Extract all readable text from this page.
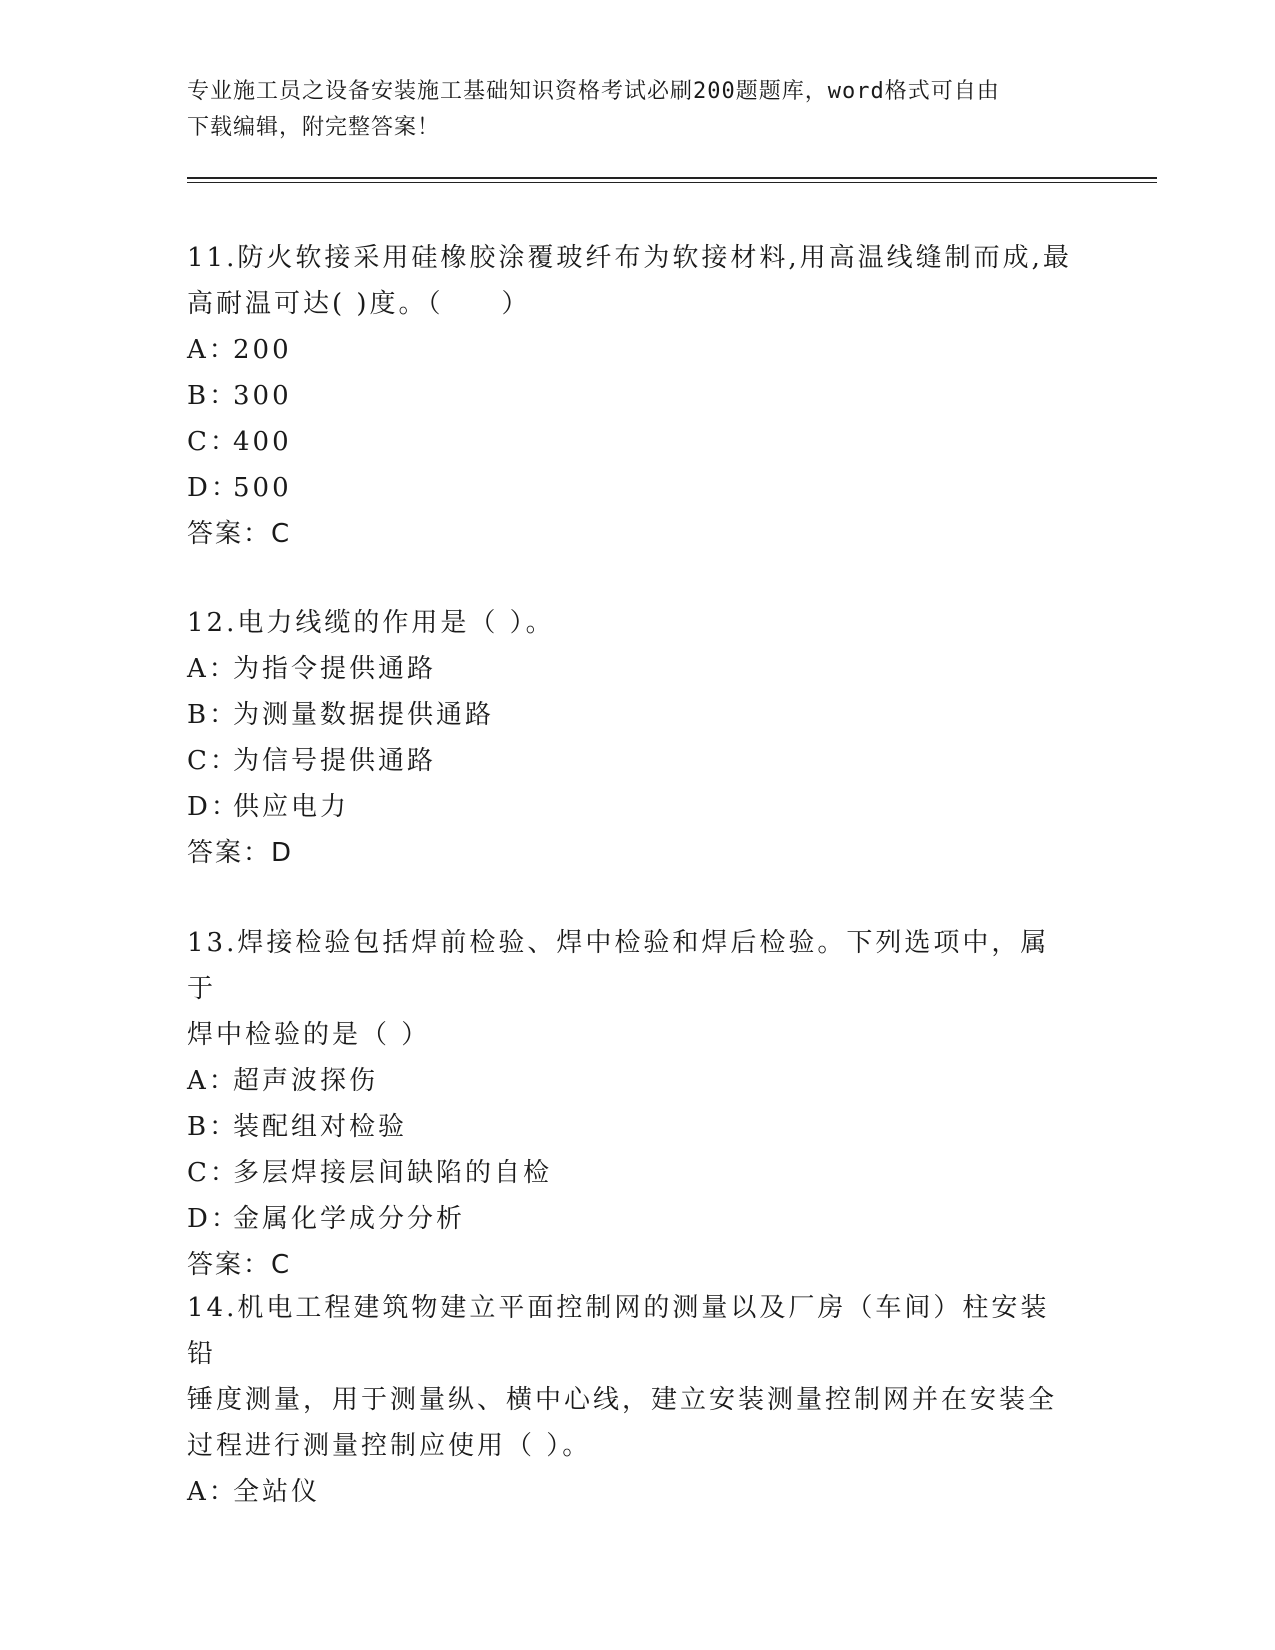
专业施工员之设备安装施工基础知识资格考试必刷200题题库，word格式可自由
下载编辑，附完整答案！

11.防火软接采用硅橡胶涂覆玻纤布为软接材料,用高温线缝制而成,最

高耐温可达( )度。（　　）

A：200

B：300

C：400

D：500

答案：C

12.电力线缆的作用是（ ）。

A：为指令提供通路

B：为测量数据提供通路

C：为信号提供通路

D：供应电力

答案：D

13.焊接检验包括焊前检验、焊中检验和焊后检验。下列选项中，属于

焊中检验的是（ ）

A：超声波探伤

B：装配组对检验

C：多层焊接层间缺陷的自检

D：金属化学成分分析

答案：C

14.机电工程建筑物建立平面控制网的测量以及厂房（车间）柱安装铅

锤度测量，用于测量纵、横中心线，建立安装测量控制网并在安装全

过程进行测量控制应使用（ ）。

A：全站仪
